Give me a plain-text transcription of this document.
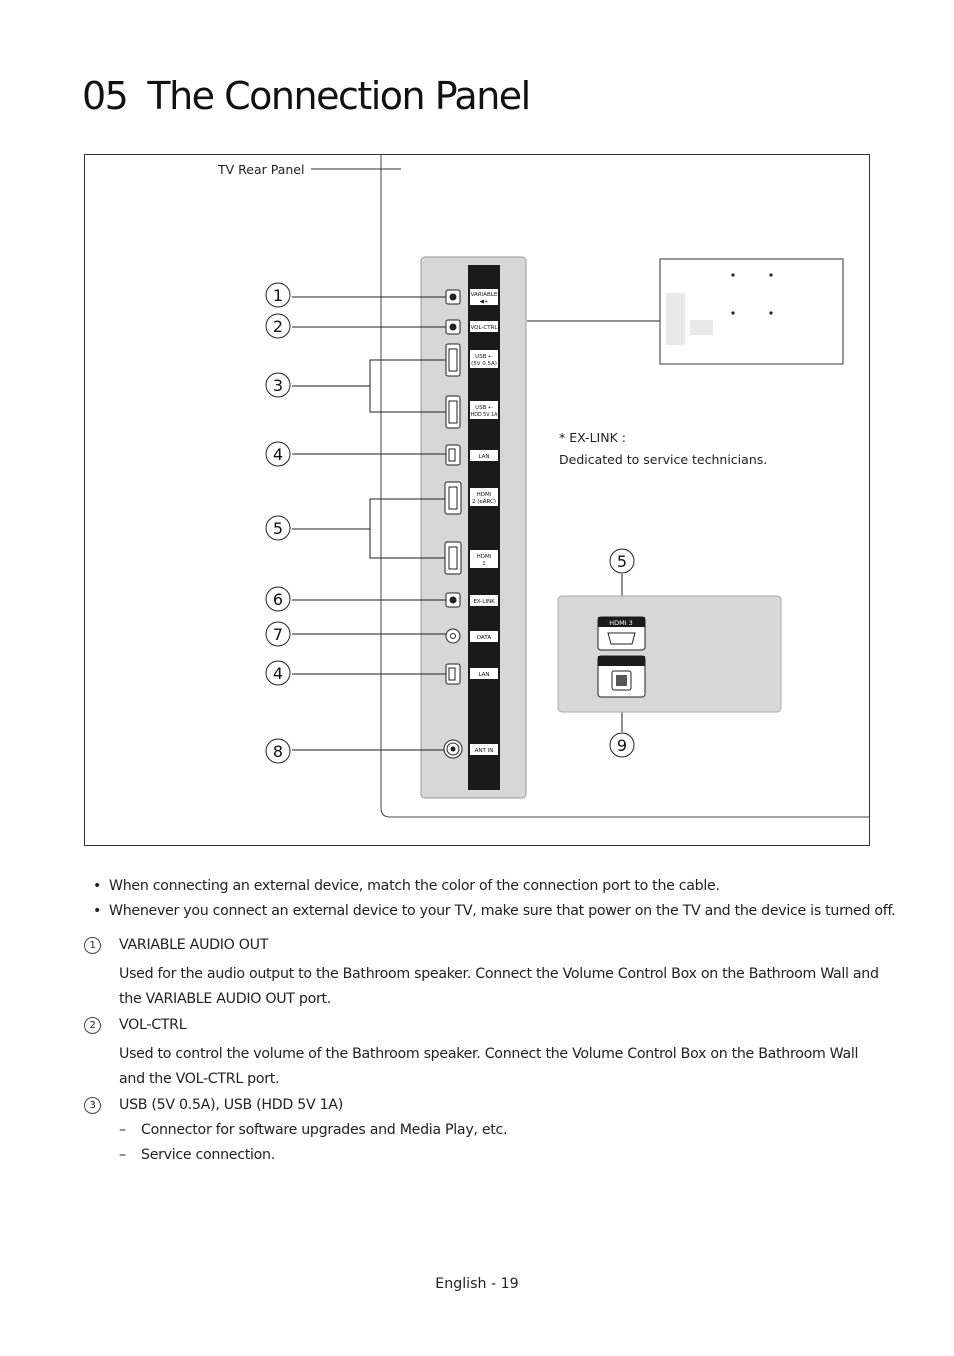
05 The Connection Panel
TV Rear Panel
VARIABLE
◀+
VOL-CTRL
USB ⇠
(5V 0.5A)
USB ⇠
(HDD 5V 1A)
LAN
HDMI
2 (eARC)
HDMI
1
EX-LINK
DATA
LAN
ANT IN
1
2
3
4
5
6
7
4
8
5
9
* EX-LINK :
Dedicated to service technicians.
HDMI 3
• When connecting an external device, match the color of the connection port to the cable.
• Whenever you connect an external device to your TV, make sure that power on the TV and the device is turned off.
1	VARIABLE AUDIO OUT
Used for the audio output to the Bathroom speaker. Connect the Volume Control Box on the Bathroom Wall and the VARIABLE AUDIO OUT port.
2	VOL-CTRL
Used to control the volume of the Bathroom speaker. Connect the Volume Control Box on the Bathroom Wall and the VOL-CTRL port.
3	USB (5V 0.5A), USB (HDD 5V 1A)
– Connector for software upgrades and Media Play, etc.
– Service connection.
English - 19
